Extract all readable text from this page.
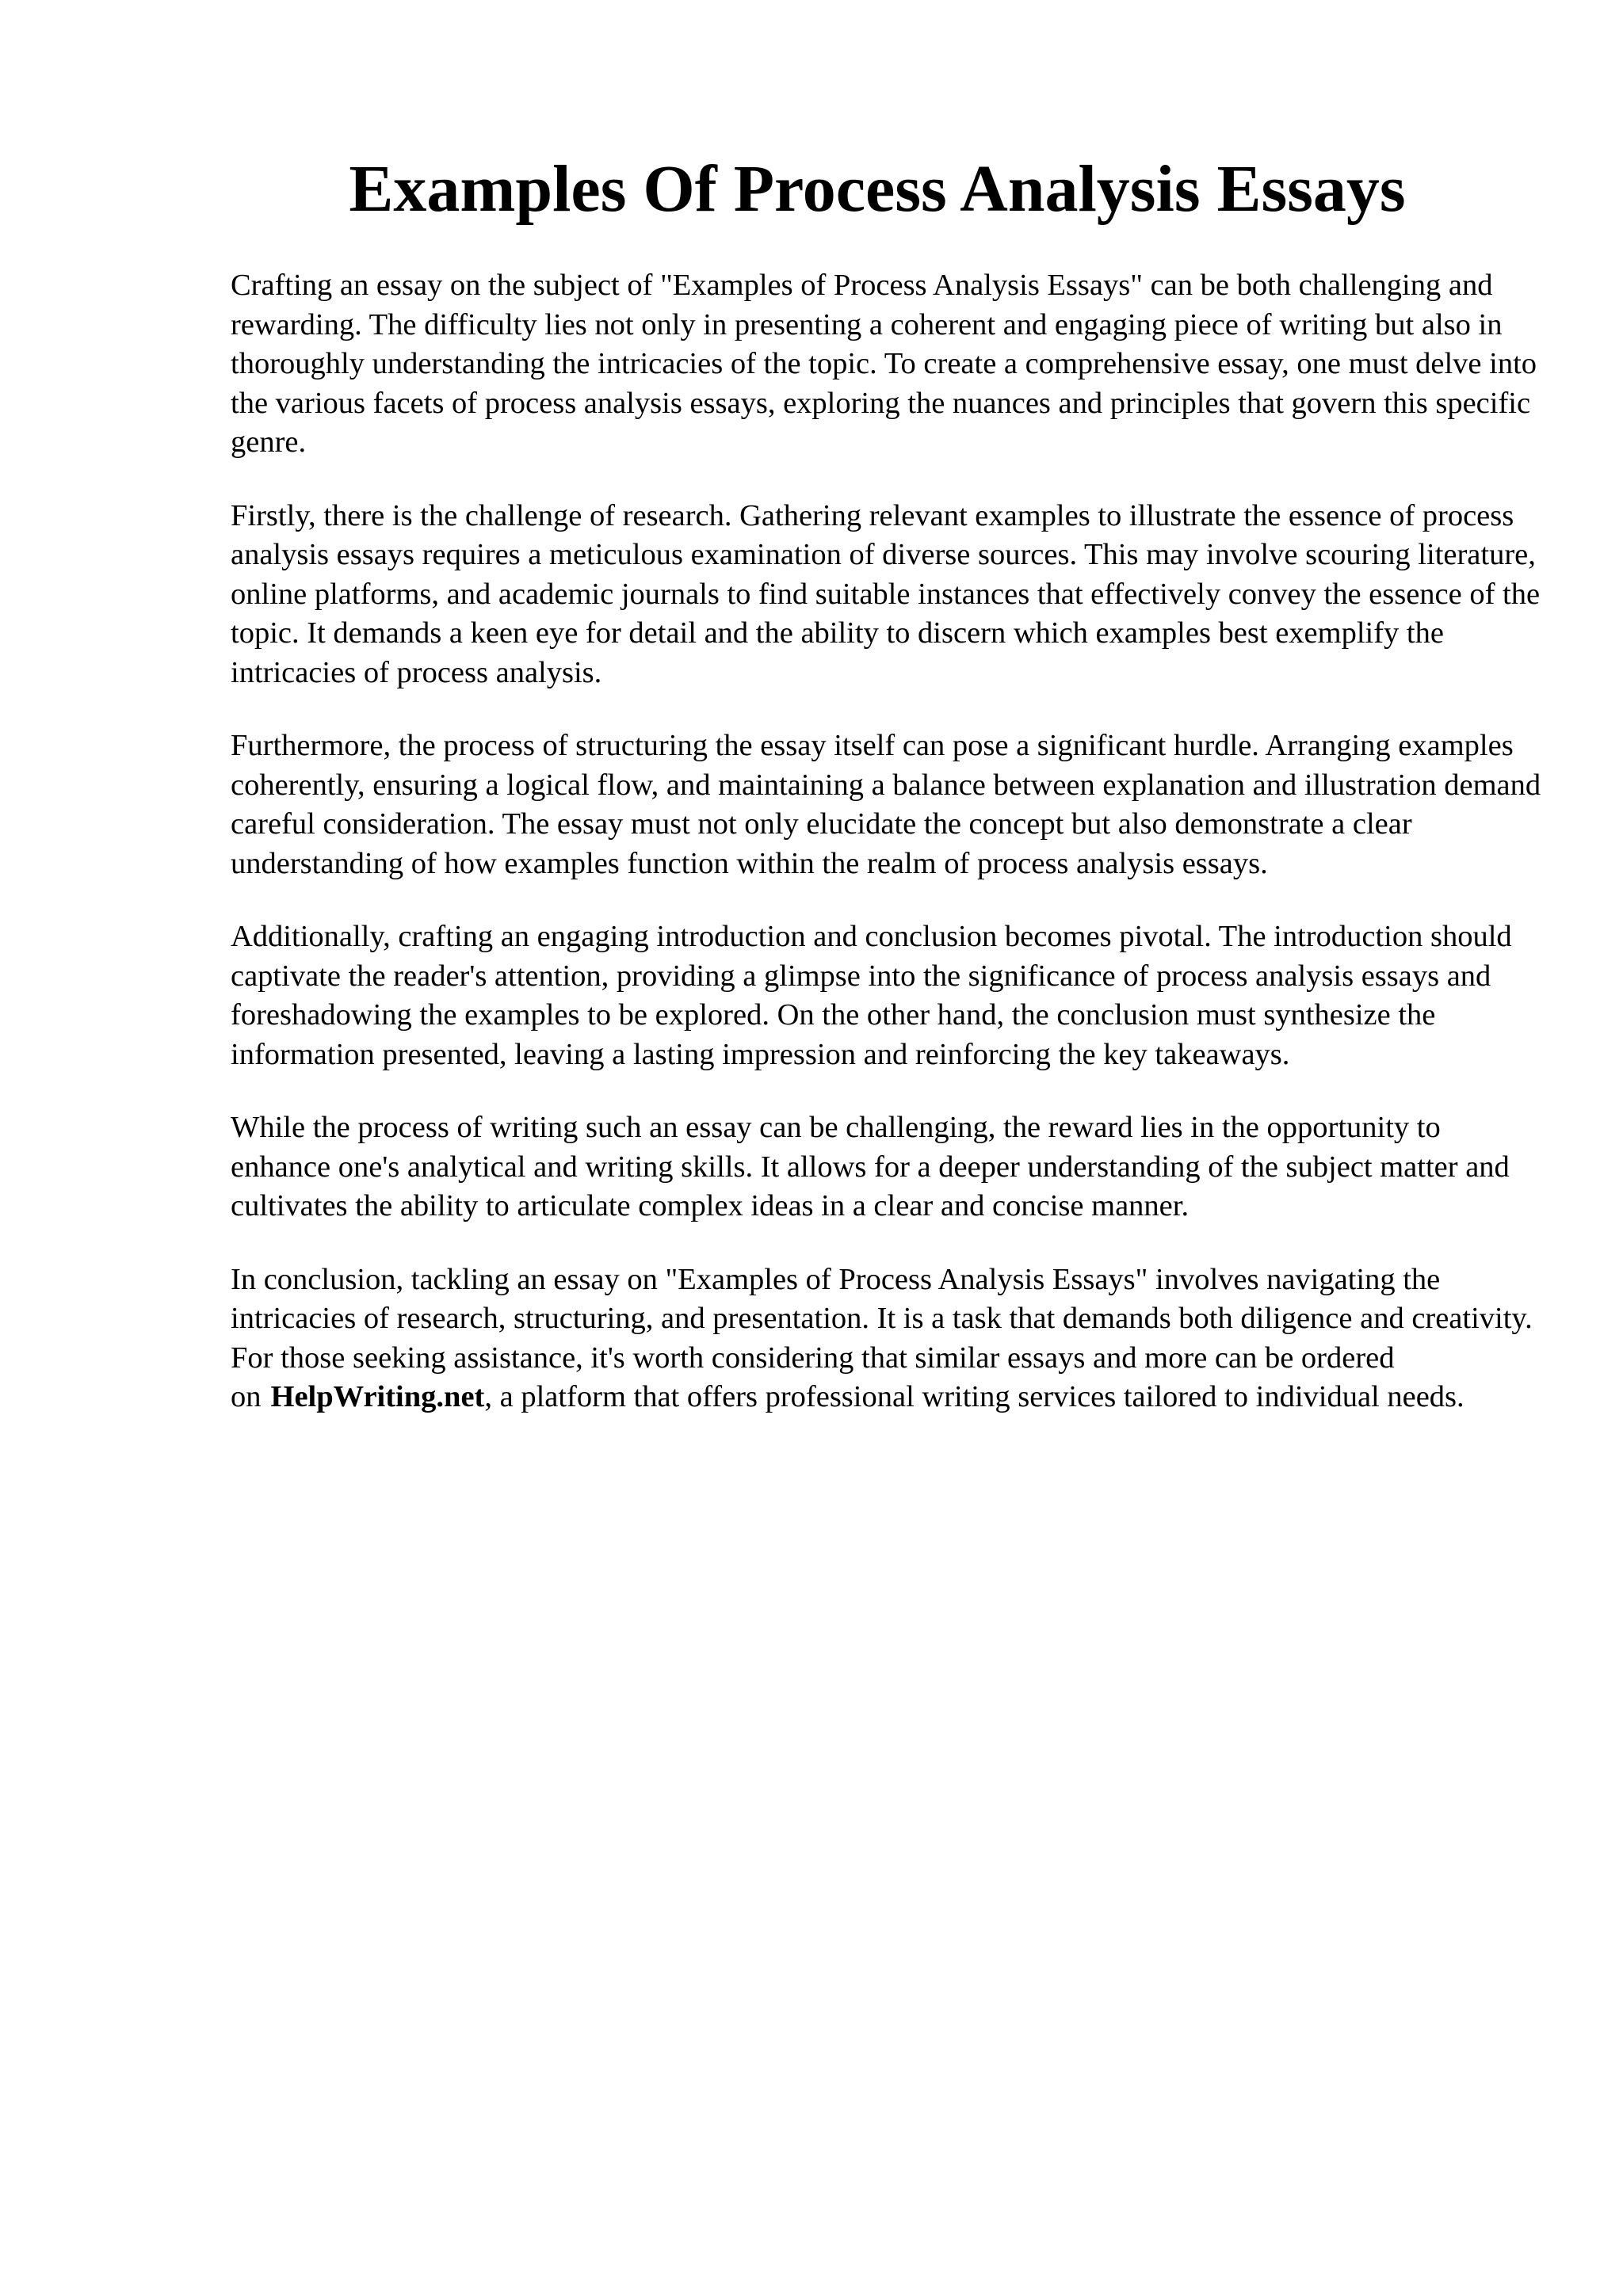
Examples Of Process Analysis Essays

Crafting an essay on the subject of "Examples of Process Analysis Essays" can be both challenging and rewarding. The difficulty lies not only in presenting a coherent and engaging piece of writing but also in thoroughly understanding the intricacies of the topic. To create a comprehensive essay, one must delve into the various facets of process analysis essays, exploring the nuances and principles that govern this specific genre.

Firstly, there is the challenge of research. Gathering relevant examples to illustrate the essence of process analysis essays requires a meticulous examination of diverse sources. This may involve scouring literature, online platforms, and academic journals to find suitable instances that effectively convey the essence of the topic. It demands a keen eye for detail and the ability to discern which examples best exemplify the intricacies of process analysis.

Furthermore, the process of structuring the essay itself can pose a significant hurdle. Arranging examples coherently, ensuring a logical flow, and maintaining a balance between explanation and illustration demand careful consideration. The essay must not only elucidate the concept but also demonstrate a clear understanding of how examples function within the realm of process analysis essays.

Additionally, crafting an engaging introduction and conclusion becomes pivotal. The introduction should captivate the reader's attention, providing a glimpse into the significance of process analysis essays and foreshadowing the examples to be explored. On the other hand, the conclusion must synthesize the information presented, leaving a lasting impression and reinforcing the key takeaways.

While the process of writing such an essay can be challenging, the reward lies in the opportunity to enhance one's analytical and writing skills. It allows for a deeper understanding of the subject matter and cultivates the ability to articulate complex ideas in a clear and concise manner.

In conclusion, tackling an essay on "Examples of Process Analysis Essays" involves navigating the intricacies of research, structuring, and presentation. It is a task that demands both diligence and creativity. For those seeking assistance, it's worth considering that similar essays and more can be ordered on HelpWriting.net, a platform that offers professional writing services tailored to individual needs.
